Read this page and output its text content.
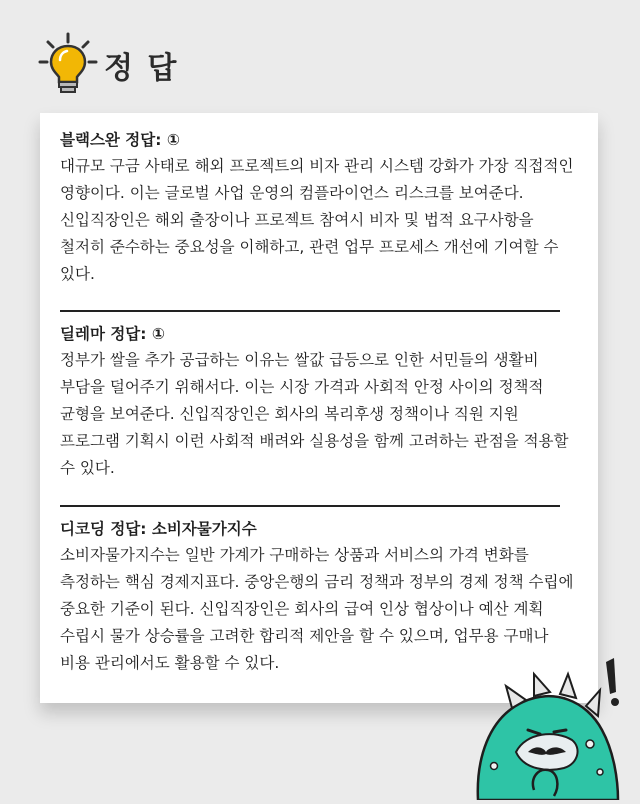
정 답

블랙스완 정답: ①

대규모 구금 사태로 해외 프로젝트의 비자 관리 시스템 강화가 가장 직접적인 영향이다. 이는 글로벌 사업 운영의 컴플라이언스 리스크를 보여준다. 신입직장인은 해외 출장이나 프로젝트 참여시 비자 및 법적 요구사항을 철저히 준수하는 중요성을 이해하고, 관련 업무 프로세스 개선에 기여할 수 있다.

딜레마 정답: ①

정부가 쌀을 추가 공급하는 이유는 쌀값 급등으로 인한 서민들의 생활비 부담을 덜어주기 위해서다. 이는 시장 가격과 사회적 안정 사이의 정책적 균형을 보여준다. 신입직장인은 회사의 복리후생 정책이나 직원 지원 프로그램 기획시 이런 사회적 배려와 실용성을 함께 고려하는 관점을 적용할 수 있다.

디코딩 정답: 소비자물가지수

소비자물가지수는 일반 가계가 구매하는 상품과 서비스의 가격 변화를 측정하는 핵심 경제지표다. 중앙은행의 금리 정책과 정부의 경제 정책 수립에 중요한 기준이 된다. 신입직장인은 회사의 급여 인상 협상이나 예산 계획 수립시 물가 상승률을 고려한 합리적 제안을 할 수 있으며, 업무용 구매나 비용 관리에서도 활용할 수 있다.
